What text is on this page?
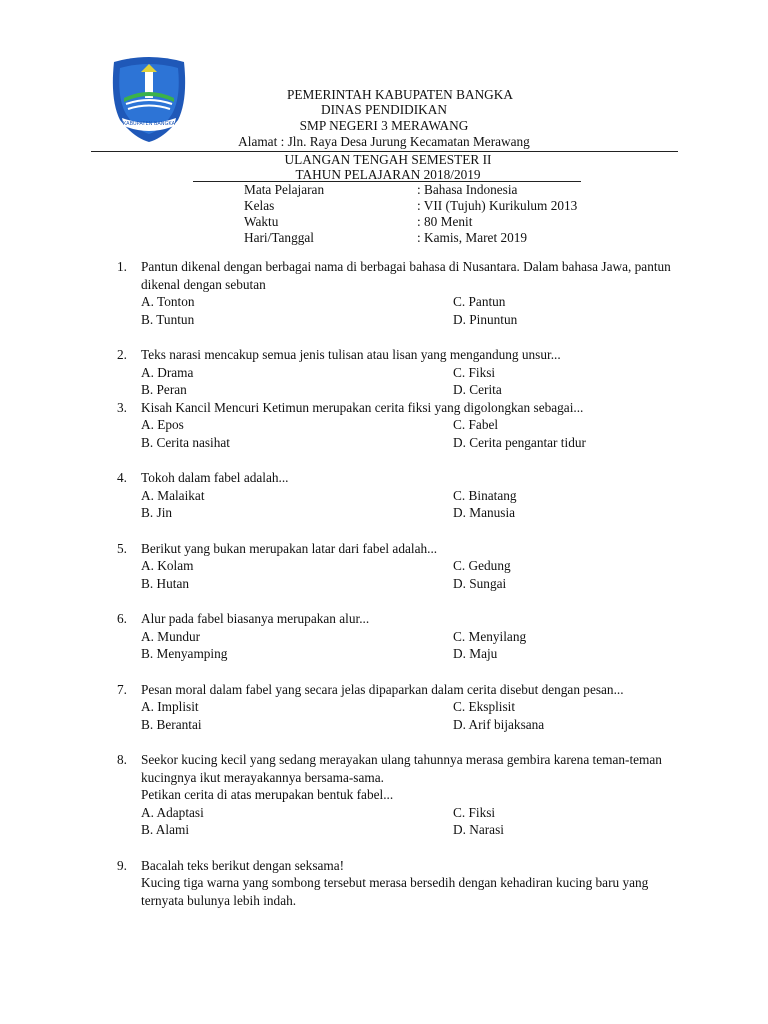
KABUPATEN BANGKA
PEMERINTAH KABUPATEN BANGKA
DINAS PENDIDIKAN
SMP NEGERI 3 MERAWANG
Alamat : Jln. Raya Desa Jurung Kecamatan Merawang
ULANGAN TENGAH SEMESTER II
TAHUN PELAJARAN 2018/2019
Mata Pelajaran	: Bahasa Indonesia
Kelas	: VII (Tujuh) Kurikulum 2013
Waktu	: 80 Menit
Hari/Tanggal	: Kamis, Maret 2019
1. Pantun dikenal dengan berbagai nama di berbagai bahasa di Nusantara. Dalam bahasa Jawa, pantun dikenal dengan sebutan
A. Tonton	C. Pantun
B. Tuntun	D. Pinuntun
2. Teks narasi mencakup semua jenis tulisan atau lisan yang mengandung unsur...
A. Drama	C. Fiksi
B. Peran	D. Cerita
3. Kisah Kancil Mencuri Ketimun merupakan cerita fiksi yang digolongkan sebagai...
A. Epos	C. Fabel
B. Cerita nasihat	D. Cerita pengantar tidur
4. Tokoh dalam fabel adalah...
A. Malaikat	C. Binatang
B. Jin	D. Manusia
5. Berikut yang bukan merupakan latar dari fabel adalah...
A. Kolam	C. Gedung
B. Hutan	D. Sungai
6. Alur pada fabel biasanya merupakan alur...
A. Mundur	C. Menyilang
B. Menyamping	D. Maju
7. Pesan moral dalam fabel yang secara jelas dipaparkan dalam cerita disebut dengan pesan...
A. Implisit	C. Eksplisit
B. Berantai	D. Arif bijaksana
8. Seekor kucing kecil yang sedang merayakan ulang tahunnya merasa gembira karena teman-teman kucingnya ikut merayakannya bersama-sama.
Petikan cerita di atas merupakan bentuk fabel...
A. Adaptasi	C. Fiksi
B. Alami	D. Narasi
9. Bacalah teks berikut dengan seksama!
Kucing tiga warna yang sombong tersebut merasa bersedih dengan kehadiran kucing baru yang ternyata bulunya lebih indah.
